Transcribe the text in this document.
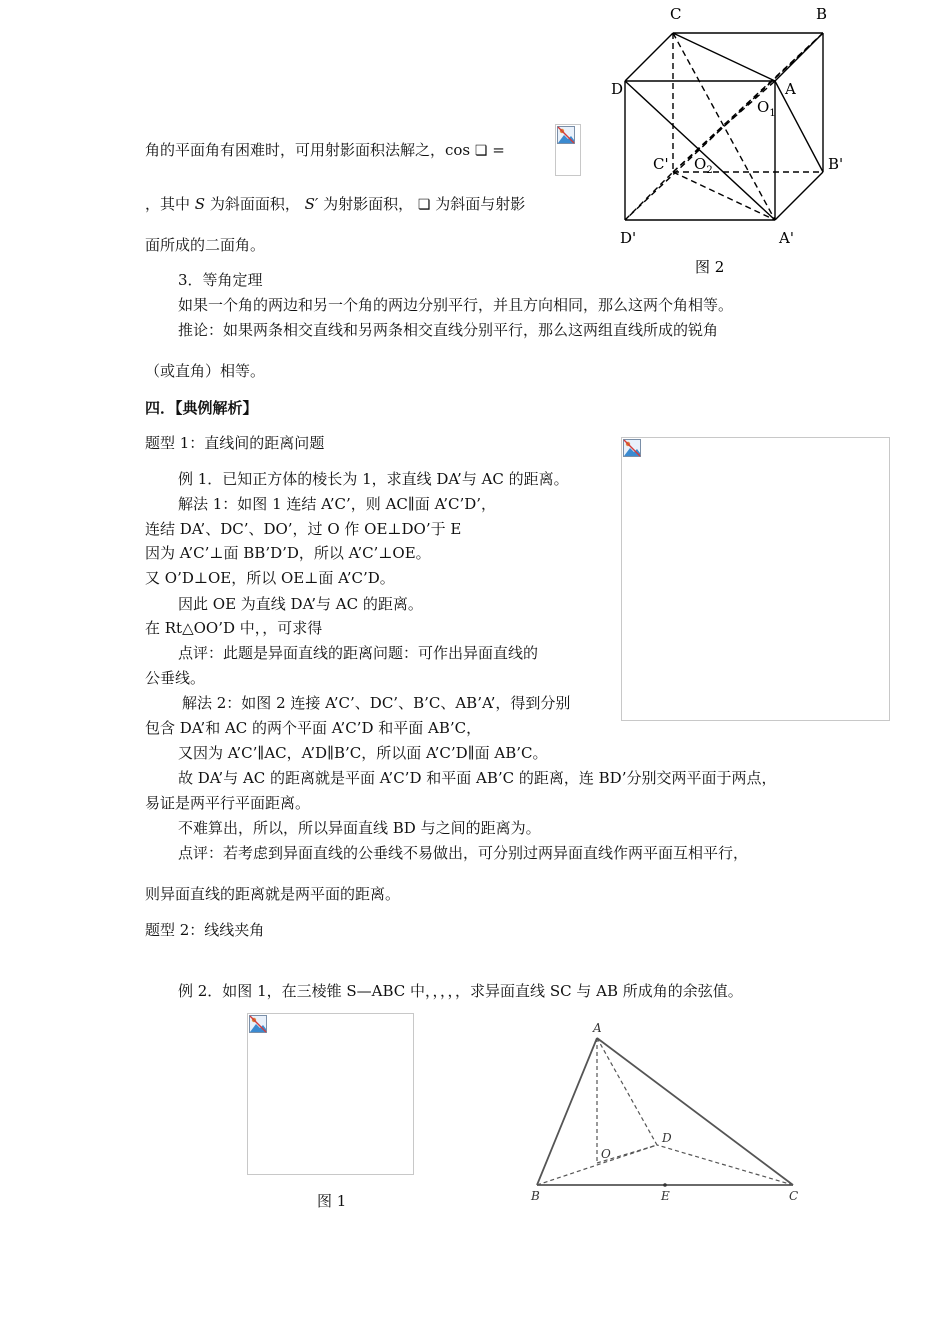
角的平面角有困难时，可用射影面积法解之，cos ❏ =
，其中 S 为斜面面积， S′ 为射影面积， ❏ 为斜面与射影
面所成的二面角。
C	B
D	A
$O_1$
C' $O_2$	B'
D'	A'
图 2
3．等角定理
如果一个角的两边和另一个角的两边分别平行，并且方向相同，那么这两个角相等。
推论：如果两条相交直线和另两条相交直线分别平行，那么这两组直线所成的锐角
（或直角）相等。
四．【典例解析】
题型 1：直线间的距离问题
例 1．已知正方体的棱长为 1，求直线 DA’与 AC 的距离。
解法 1：如图 1 连结 A’C’，则 AC∥面 A’C’D’，
连结 DA’、DC’、DO’，过 O 作 OE⊥DO’于 E
因为 A’C’⊥面 BB’D’D，所以 A’C’⊥OE。
又 O’D⊥OE，所以 OE⊥面 A’C’D。
因此 OE 为直线 DA’与 AC 的距离。
在 Rt△OO’D 中，，可求得
点评：此题是异面直线的距离问题：可作出异面直线的
公垂线。
解法 2：如图 2 连接 A’C’、DC’、B’C、AB’A’，得到分别
包含 DA’和 AC 的两个平面 A’C’D 和平面 AB’C，
又因为 A’C’∥AC，A’D∥B’C，所以面 A’C’D∥面 AB’C。
故 DA’与 AC 的距离就是平面 A’C’D 和平面 AB’C 的距离，连 BD’分别交两平面于两点，
易证是两平行平面距离。
不难算出，所以，所以异面直线 BD 与之间的距离为。
点评：若考虑到异面直线的公垂线不易做出，可分别过两异面直线作两平面互相平行，
则异面直线的距离就是两平面的距离。
题型 2：线线夹角
例 2．如图 1，在三棱锥 S—ABC 中，，，，，求异面直线 SC 与 AB 所成角的余弦值。
图 1
A
B	C
D
O
E
